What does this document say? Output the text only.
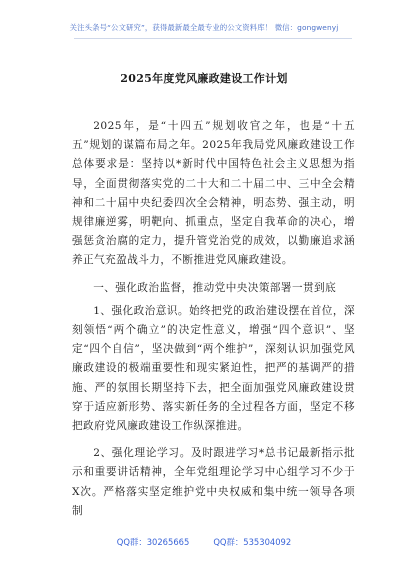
关注头条号“公文研究”，获得最新最全最专业的公文资料库！ 微信：gongwenyj
2025年度党风廉政建设工作计划

2025年，是“十四五”规划收官之年，也是“十五五”规划的谋篇布局之年。2025年我局党风廉政建设工作总体要求是：坚持以*新时代中国特色社会主义思想为指导，全面贯彻落实党的二十大和二十届二中、三中全会精神和二十届中央纪委四次全会精神，明态势、强主动，明规律廉逆雾，明靶向、抓重点，坚定自我革命的决心，增强惩贪治腐的定力，提升管党治党的成效，以勤廉追求涵养正气充盈战斗力，不断推进党风廉政建设。

一、强化政治监督，推动党中央决策部署一贯到底

1、强化政治意识。始终把党的政治建设摆在首位，深刻领悟“两个确立”的决定性意义，增强“四个意识”、坚定“四个自信”，坚决做到“两个维护”，深刻认识加强党风廉政建设的极端重要性和现实紧迫性，把严的基调严的措施、严的氛围长期坚持下去，把全面加强党风廉政建设贯穿于适应新形势、落实新任务的全过程各方面，坚定不移把政府党风廉政建设工作纵深推进。

2、强化理论学习。及时跟进学习*总书记最新指示批示和重要讲话精神，全年党组理论学习中心组学习不少于X次。严格落实坚定维护党中央权威和集中统一领导各项制

QQ群：30265665	QQ群：535304092
